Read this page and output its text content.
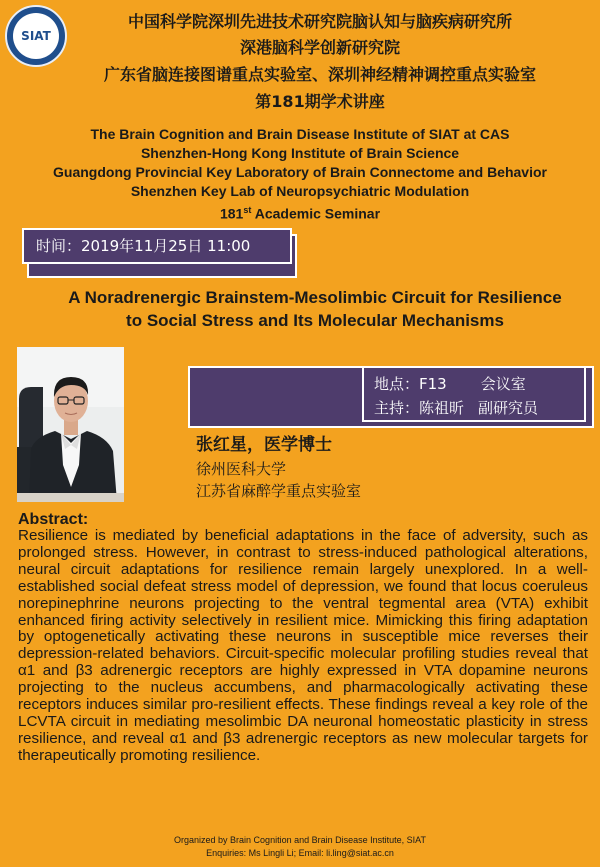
SIAT
中国科学院深圳先进技术研究院脑认知与脑疾病研究所
深港脑科学创新研究院
广东省脑连接图谱重点实验室、深圳神经精神调控重点实验室
第181期学术讲座
The Brain Cognition and Brain Disease Institute of SIAT at CAS
Shenzhen-Hong Kong Institute of Brain Science
Guangdong Provincial Key Laboratory of Brain Connectome and Behavior
Shenzhen Key Lab of Neuropsychiatric Modulation
181st Academic Seminar
时间：2019年11月25日 11:00
A Noradrenergic Brainstem-Mesolimbic Circuit for Resilience to Social Stress and Its Molecular Mechanisms
地点：F13 会议室
主持：陈祖昕 副研究员
张红星，医学博士
徐州医科大学
江苏省麻醉学重点实验室
Abstract:

Resilience is mediated by beneficial adaptations in the face of adversity, such as prolonged stress. However, in contrast to stress-induced pathological alterations, neural circuit adaptations for resilience remain largely unexplored. In a well-established social defeat stress model of depression, we found that locus coeruleus norepinephrine neurons projecting to the ventral tegmental area (VTA) exhibit enhanced firing activity selectively in resilient mice. Mimicking this firing adaptation by optogenetically activating these neurons in susceptible mice reverses their depression-related behaviors. Circuit-specific molecular profiling studies reveal that α1 and β3 adrenergic receptors are highly expressed in VTA dopamine neurons projecting to the nucleus accumbens, and pharmacologically activating these receptors induces similar pro-resilient effects. These findings reveal a key role of the LCVTA circuit in mediating mesolimbic DA neuronal homeostatic plasticity in stress resilience, and reveal α1 and β3 adrenergic receptors as new molecular targets for therapeutically promoting resilience.

Organized by Brain Cognition and Brain Disease Institute, SIAT
Enquiries: Ms Lingli Li; Email: li.ling@siat.ac.cn
